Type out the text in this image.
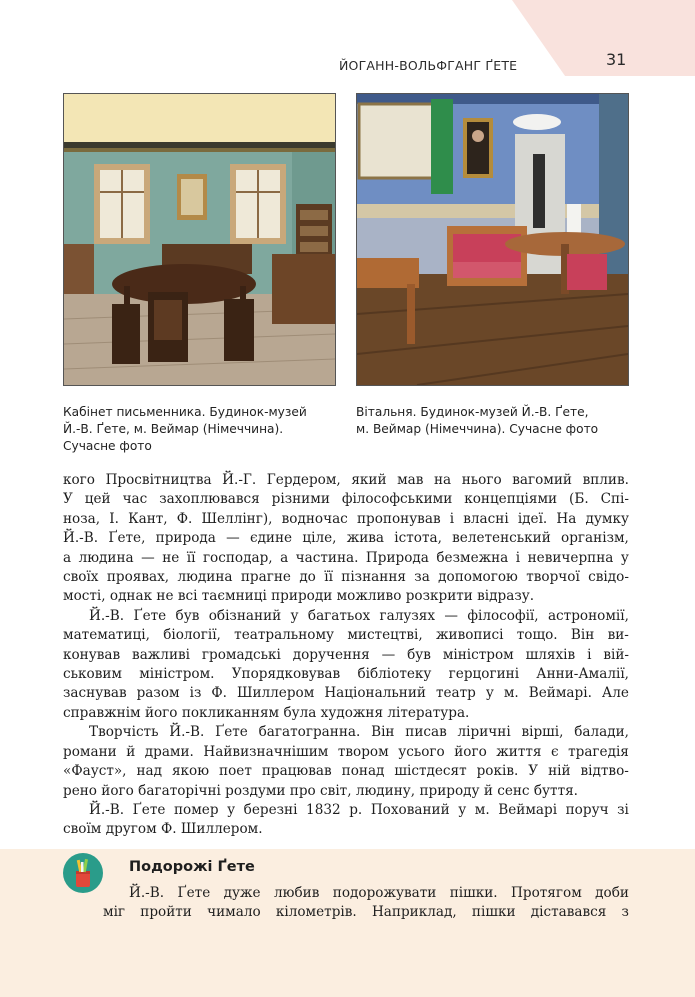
ЙОГАНН-ВОЛЬФГАНГ ҐЕТЕ	31
Кабінет письменника. Будинок-музей
Й.-В. Ґете, м. Веймар (Німеччина).
Сучасне фото
Вітальня. Будинок-музей Й.-В. Ґете,
м. Веймар (Німеччина). Сучасне фото
кого Просвітництва Й.-Г. Гердером, який мав на нього вагомий вплив.
У цей час захоплювався різними філософськими концепціями (Б. Спі-
ноза, І. Кант, Ф. Шеллінг), водночас пропонував і власні ідеї. На думку
Й.-В. Ґете, природа — єдине ціле, жива істота, велетенський організм,
а людина — не її господар, а частина. Природа безмежна і невичерпна у
своїх проявах, людина прагне до її пізнання за допомогою творчої свідо-
мості, однак не всі таємниці природи можливо розкрити відразу.
Й.-В. Ґете був обізнаний у багатьох галузях — філософії, астрономії,
математиці, біології, театральному мистецтві, живописі тощо. Він ви-
конував важливі громадські доручення — був міністром шляхів і вій-
ськовим міністром. Упорядковував бібліотеку герцогині Анни-Амалії,
заснував разом із Ф. Шиллером Національний театр у м. Веймарі. Але
справжнім його покликанням була художня література.
Творчість Й.-В. Ґете багатогранна. Він писав ліричні вірші, балади,
романи й драми. Найвизначнішим твором усього його життя є трагедія
«Фауст», над якою поет працював понад шістдесят років. У ній відтво-
рено його багаторічні роздуми про світ, людину, природу й сенс буття.
Й.-В. Ґете помер у березні 1832 р. Похований у м. Веймарі поруч зі
своїм другом Ф. Шиллером.
Подорожі Ґете
Й.-В. Ґете дуже любив подорожувати пішки. Протягом доби
міг пройти чимало кілометрів. Наприклад, пішки діставався з
